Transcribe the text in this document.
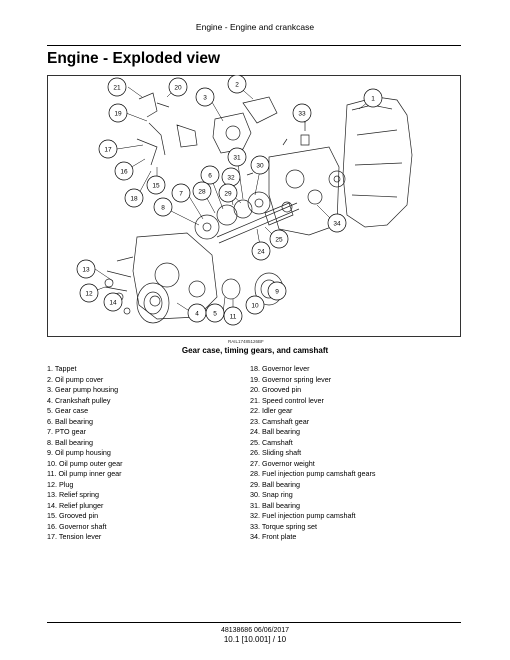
Engine - Engine and crankcase
Engine - Exploded view
21	20	2
3	1
33
19
17
16
15
18
31
30
6 32
7 28	29
8
34
25
24
13
12
14
4 5 11
9
10
RAIL17485126BF
Gear case, timing gears, and camshaft
1. Tappet
2. Oil pump cover
3. Gear pump housing
4. Crankshaft pulley
5. Gear case
6. Ball bearing
7. PTO gear
8. Ball bearing
9. Oil pump housing
10. Oil pump outer gear
11. Oil pump inner gear
12. Plug
13. Relief spring
14. Relief plunger
15. Grooved pin
16. Governor shaft
17. Tension lever
18. Governor lever
19. Governor spring lever
20. Grooved pin
21. Speed control lever
22. Idler gear
23. Camshaft gear
24. Ball bearing
25. Camshaft
26. Sliding shaft
27. Governor weight
28. Fuel injection pump camshaft gears
29. Ball bearing
30. Snap ring
31. Ball bearing
32. Fuel injection pump camshaft
33. Torque spring set
34. Front plate
48138686 06/06/2017
10.1 [10.001] / 10
